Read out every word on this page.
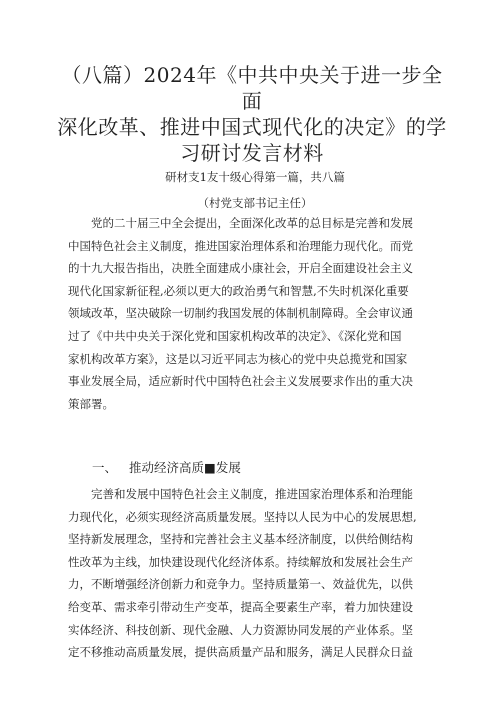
（八篇）2024年《中共中央关于进一步全面
深化改革、推进中国式现代化的决定》的学
习研讨发言材料
研材支1友十级心得第一篇，共八篇
（村党支部书记主任）
党的二十届三中全会提出，全面深化改革的总目标是完善和发展
中国特色社会主义制度，推进国家治理体系和治理能力现代化。而党
的十九大报告指出，决胜全面建成小康社会，开启全面建设社会主义
现代化国家新征程,必须以更大的政治勇气和智慧,不失时机深化重要
领域改革，坚决破除一切制约我国发展的体制机制障碍。全会审议通
过了《中共中央关于深化党和国家机构改革的决定》、《深化党和国
家机构改革方案》，这是以习近平同志为核心的党中央总揽党和国家
事业发展全局，适应新时代中国特色社会主义发展要求作出的重大决
策部署。
一、 推动经济高质■发展
完善和发展中国特色社会主义制度，推进国家治理体系和治理能
力现代化，必须实现经济高质量发展。坚持以人民为中心的发展思想,
坚持新发展理念，坚持和完善社会主义基本经济制度，以供给侧结构
性改革为主线，加快建设现代化经济体系。持续解放和发展社会生产
力，不断增强经济创新力和竞争力。坚持质量第一、效益优先，以供
给变革、需求牵引带动生产变革，提高全要素生产率，着力加快建设
实体经济、科技创新、现代金融、人力资源协同发展的产业体系。坚
定不移推动高质量发展，提供高质量产品和服务，满足人民群众日益
